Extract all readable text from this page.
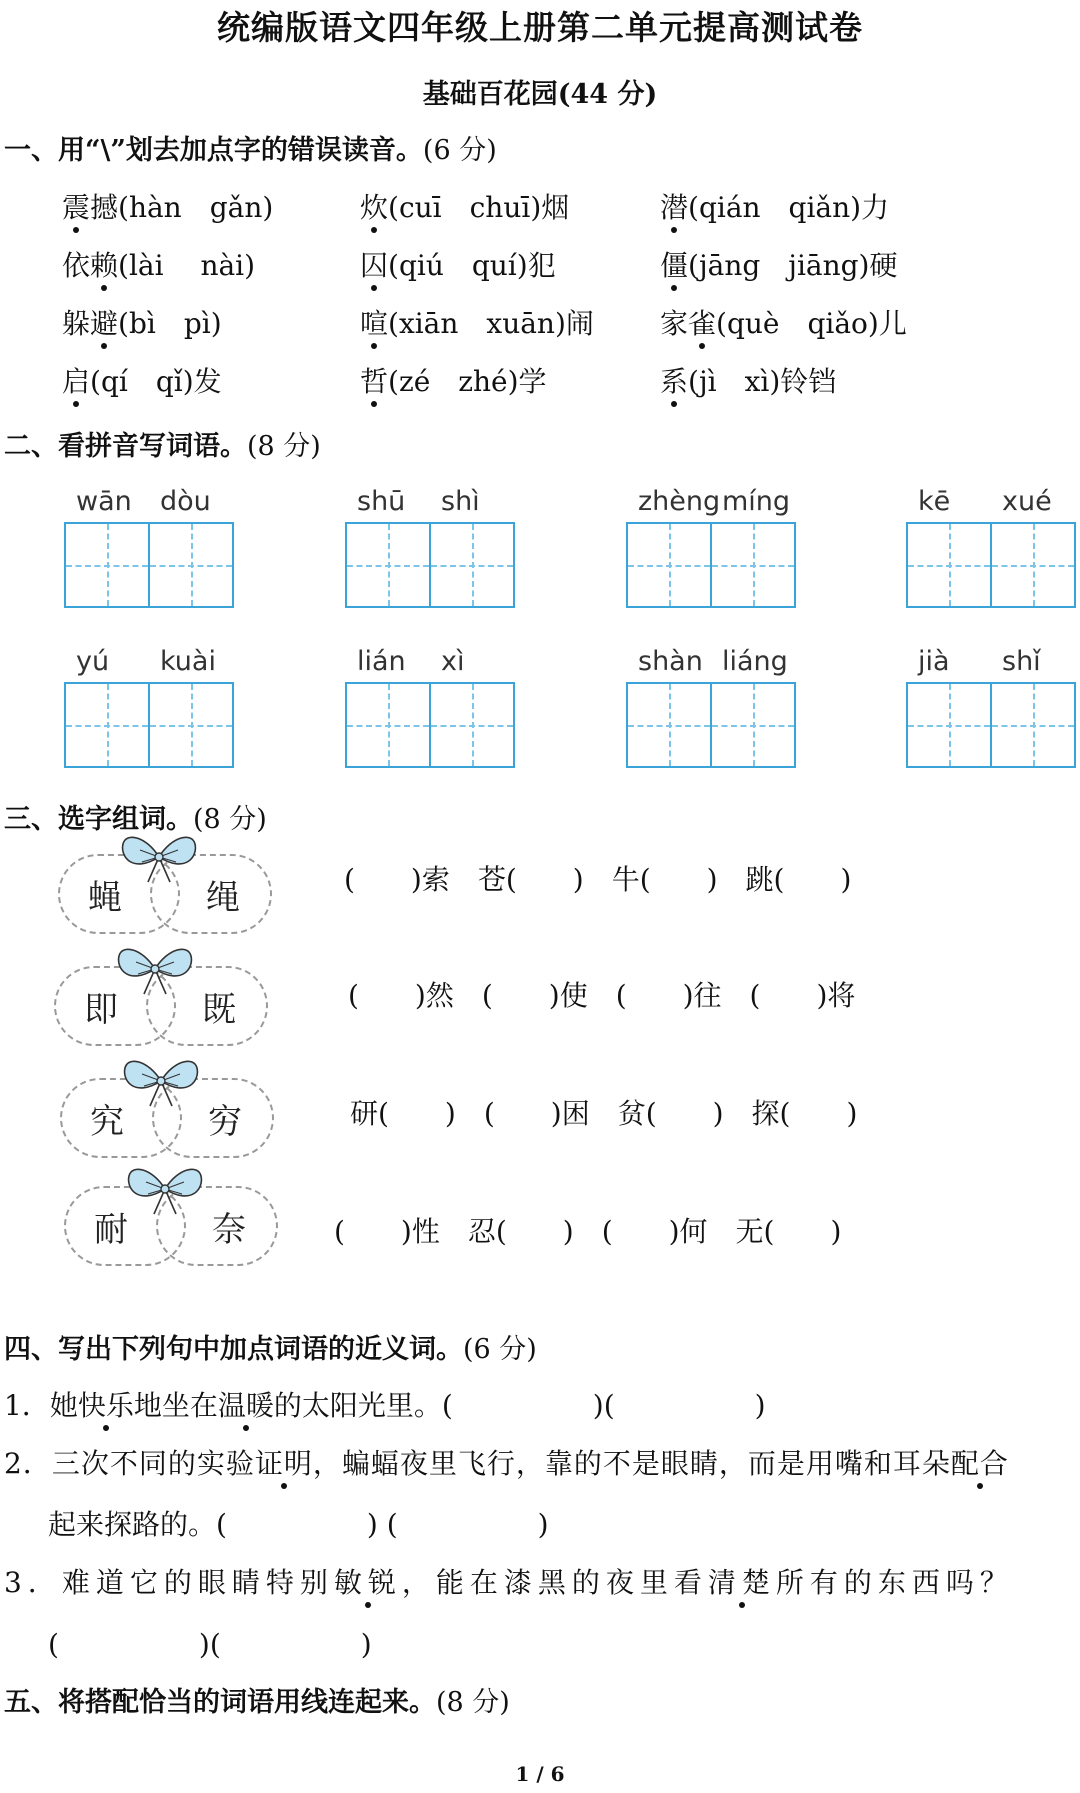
统编版语文四年级上册第二单元提高测试卷
基础百花园(44 分)
一、用“\”划去加点字的错误读音。(6 分)
震撼(hàn　gǎn)	炊(cuī　chuī)烟	潜(qián　qiǎn)力
依赖(lài　 nài)	囚(qiú　quí)犯	僵(jāng　jiāng)硬
躲避(bì　pì)	喧(xiān　xuān)闹 家雀(què　qiǎo)儿
启(qí　qǐ)发	哲(zé　zhé)学	系(jì　xì)铃铛
二、看拼音写词语。(8 分)
wān dòu	shū shì	zhèng míng	kē xué
yú kuài	lián xì	shàn liáng	jià shǐ
三、选字组词。(8 分)
蝇 绳	(　　)索　苍(　　)　牛(　　)　跳(　　)
即 既	(　　)然　(　　)使　(　　)往　(　　)将
究 穷	研(　　)　(　　)困　贫(　　)　探(　　)
耐 奈	(　　)性　忍(　　)　(　　)何　无(　　)
四、写出下列句中加点词语的近义词。(6 分)
1．她快乐地坐在温暖的太阳光里。(　　　　　)(　　　　　)
2．三次不同的实验证明，蝙蝠夜里飞行，靠的不是眼睛，而是用嘴和耳朵配合
起来探路的。(　　　　　) (　　　　　)
3．难道它的眼睛特别敏锐，能在漆黑的夜里看清楚所有的东西吗？
(　　　　　)(　　　　　)
五、将搭配恰当的词语用线连起来。(8 分)
1 / 6
